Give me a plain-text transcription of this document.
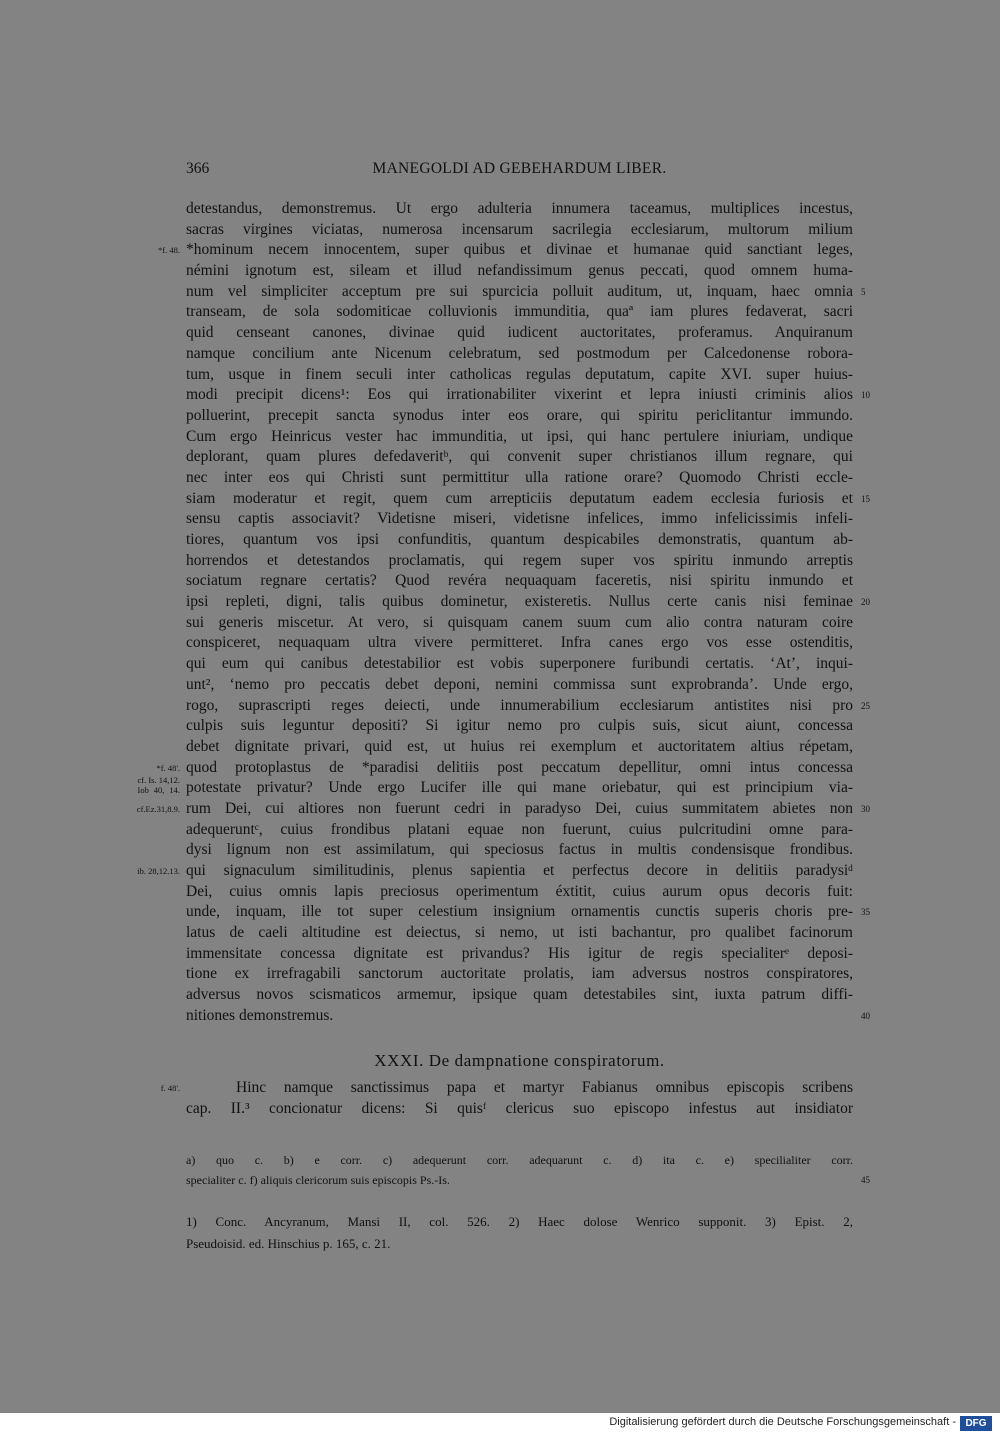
366	MANEGOLDI AD GEBEHARDUM LIBER.
detestandus, demonstremus. Ut ergo adulteria innumera taceamus, multiplices incestus,
sacras virgines viciatas, numerosa incensarum sacrilegia ecclesiarum, multorum milium
*hominum necem innocentem, super quibus et divinae et humanae quid sanctiant leges,
*f. 48.
némini ignotum est, sileam et illud nefandissimum genus peccati, quod omnem huma-
num vel simpliciter acceptum pre sui spurcicia polluit auditum, ut, inquam, haec omnia 5
transeam, de sola sodomiticae colluvionis immunditia, quaª iam plures fedaverat, sacri
quid censeant canones, divinae quid iudicent auctoritates, proferamus. Anquiranum
namque concilium ante Nicenum celebratum, sed postmodum per Calcedonense robora-
tum, usque in finem seculi inter catholicas regulas deputatum, capite XVI. super huius-
modi precipit dicens¹: Eos qui irrationabiliter vixerint et lepra iniusti criminis alios 10
polluerint, precepit sancta synodus inter eos orare, qui spiritu periclitantur immundo.
Cum ergo Heinricus vester hac immunditia, ut ipsi, qui hanc pertulere iniuriam, undique
deplorant, quam plures defedaveritᵇ, qui convenit super christianos illum regnare, qui
nec inter eos qui Christi sunt permittitur ulla ratione orare? Quomodo Christi eccle-
siam moderatur et regit, quem cum arrepticiis deputatum eadem ecclesia furiosis et 15
sensu captis associavit? Videtisne miseri, videtisne infelices, immo infelicissimis infeli-
tiores, quantum vos ipsi confunditis, quantum despicabiles demonstratis, quantum ab-
horrendos et detestandos proclamatis, qui regem super vos spiritu inmundo arreptis
sociatum regnare certatis? Quod revéra nequaquam faceretis, nisi spiritu inmundo et
ipsi repleti, digni, talis quibus dominetur, existeretis. Nullus certe canis nisi feminae 20
sui generis miscetur. At vero, si quisquam canem suum cum alio contra naturam coire
conspiceret, nequaquam ultra vivere permitteret. Infra canes ergo vos esse ostenditis,
qui eum qui canibus detestabilior est vobis superponere furibundi certatis. ‘At’, inqui-
unt², ‘nemo pro peccatis debet deponi, nemini commissa sunt exprobranda’. Unde ergo,
rogo, suprascripti reges deiecti, unde innumerabilium ecclesiarum antistites nisi pro 25
culpis suis leguntur depositi? Si igitur nemo pro culpis suis, sicut aiunt, concessa
debet dignitate privari, quid est, ut huius rei exemplum et auctoritatem altius répetam,
quod protoplastus de *paradisi delitiis post peccatum depellitur, omni intus concessa
*f. 48'.
potestate privatur? Unde ergo Lucifer ille qui mane oriebatur, qui est principium via-
cf. Is. 14,12.
Iob 40, 14.
rum Dei, cui altiores non fuerunt cedri in paradyso Dei, cuius summitatem abietes non
cf.Ez.31,8.9.	30
adequeruntᶜ, cuius frondibus platani equae non fuerunt, cuius pulcritudini omne para-
dysi lignum non est assimilatum, qui speciosus factus in multis condensisque frondibus.
qui signaculum similitudinis, plenus sapientia et perfectus decore in delitiis paradysiᵈ
ib. 28,12.13.
Dei, cuius omnis lapis preciosus operimentum éxtitit, cuius aurum opus decoris fuit:
unde, inquam, ille tot super celestium insignium ornamentis cunctis superis choris pre- 35
latus de caeli altitudine est deiectus, si nemo, ut isti bachantur, pro qualibet facinorum
immensitate concessa dignitate est privandus? His igitur de regis specialiterᵉ deposi-
tione ex irrefragabili sanctorum auctoritate prolatis, iam adversus nostros conspiratores,
adversus novos scismaticos armemur, ipsique quam detestabiles sint, iuxta patrum diffi-
nitiones demonstremus.	40
XXXI. De dampnatione conspiratorum.
Hinc namque sanctissimus papa et martyr Fabianus omnibus episcopis scribens
f. 48'.
cap. II.³ concionatur dicens: Si quisᶠ clericus suo episcopo infestus aut insidiator
a) quo c. b) e corr. c) adequerunt corr. adequarunt c. d) ita c. e) specilialiter corr.
specialiter c. f) aliquis clericorum suis episcopis Ps.-Is.	45
1) Conc. Ancyranum, Mansi II, col. 526. 2) Haec dolose Wenrico supponit. 3) Epist. 2,
Pseudoisid. ed. Hinschius p. 165, c. 21.
Digitalisierung gefördert durch die Deutsche Forschungsgemeinschaft - DFG
